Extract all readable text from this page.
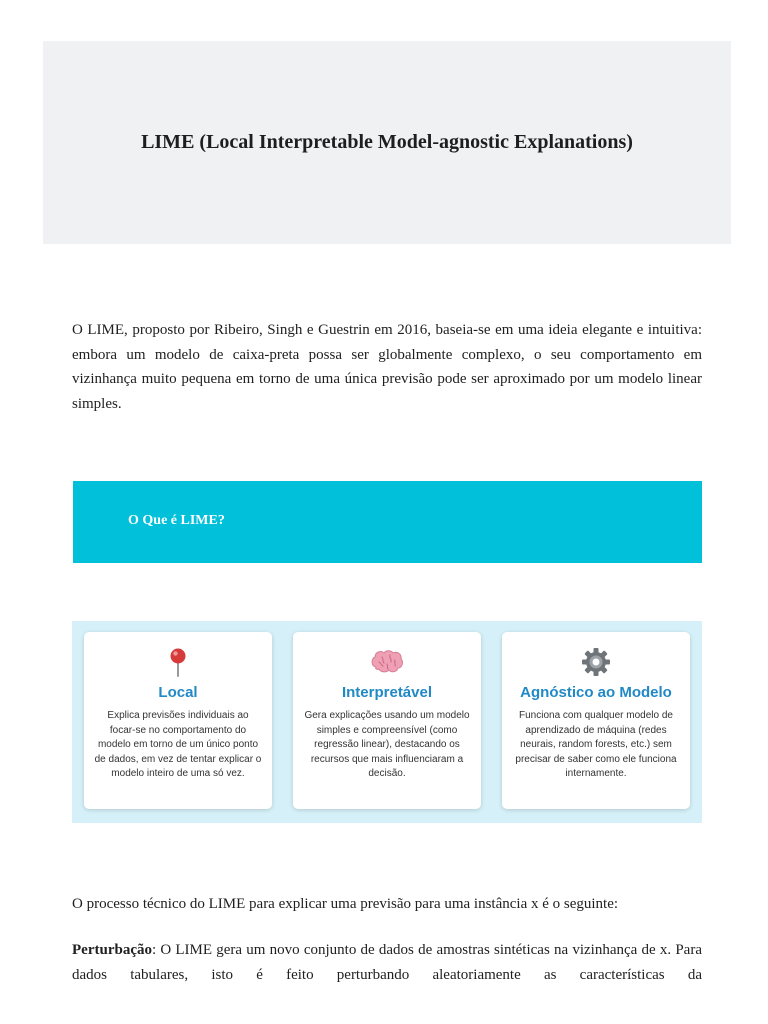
LIME (Local Interpretable Model-agnostic Explanations)

O LIME, proposto por Ribeiro, Singh e Guestrin em 2016, baseia-se em uma ideia elegante e intuitiva: embora um modelo de caixa-preta possa ser globalmente complexo, o seu comportamento em vizinhança muito pequena em torno de uma única previsão pode ser aproximado por um modelo linear simples.

O Que é LIME?
Local

Explica previsões individuais ao focar-se no comportamento do modelo em torno de um único ponto de dados, em vez de tentar explicar o modelo inteiro de uma só vez.

Interpretável

Gera explicações usando um modelo simples e compreensível (como regressão linear), destacando os recursos que mais influenciaram a decisão.

Agnóstico ao Modelo

Funciona com qualquer modelo de aprendizado de máquina (redes neurais, random forests, etc.) sem precisar de saber como ele funciona internamente.

O processo técnico do LIME para explicar uma previsão para uma instância x é o seguinte:

Perturbação: O LIME gera um novo conjunto de dados de amostras sintéticas na vizinhança de x. Para dados tabulares, isto é feito perturbando aleatoriamente as características da
